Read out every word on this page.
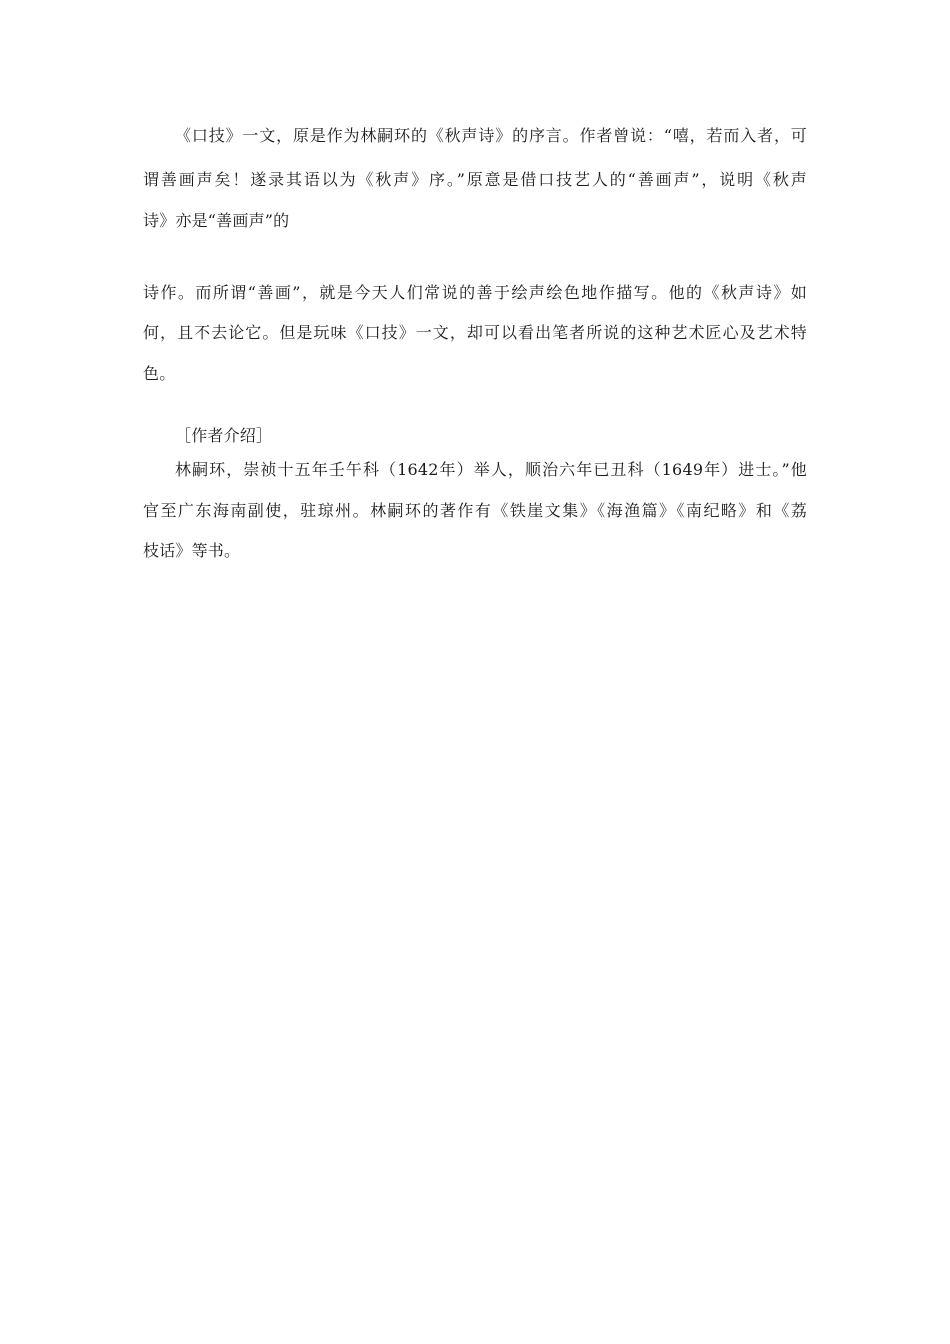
《口技》一文，原是作为林嗣环的《秋声诗》的序言。作者曾说：“嘻，若而入者，可
谓善画声矣！遂录其语以为《秋声》序。”原意是借口技艺人的“善画声”，说明《秋声
诗》亦是“善画声”的
诗作。而所谓“善画”，就是今天人们常说的善于绘声绘色地作描写。他的《秋声诗》如
何，且不去论它。但是玩味《口技》一文，却可以看出笔者所说的这种艺术匠心及艺术特
色。
［作者介绍］
林嗣环，崇祯十五年壬午科（1642年）举人，顺治六年已丑科（1649年）进士。”他
官至广东海南副使，驻琼州。林嗣环的著作有《铁崖文集》《海渔篇》《南纪略》和《荔
枝话》等书。
